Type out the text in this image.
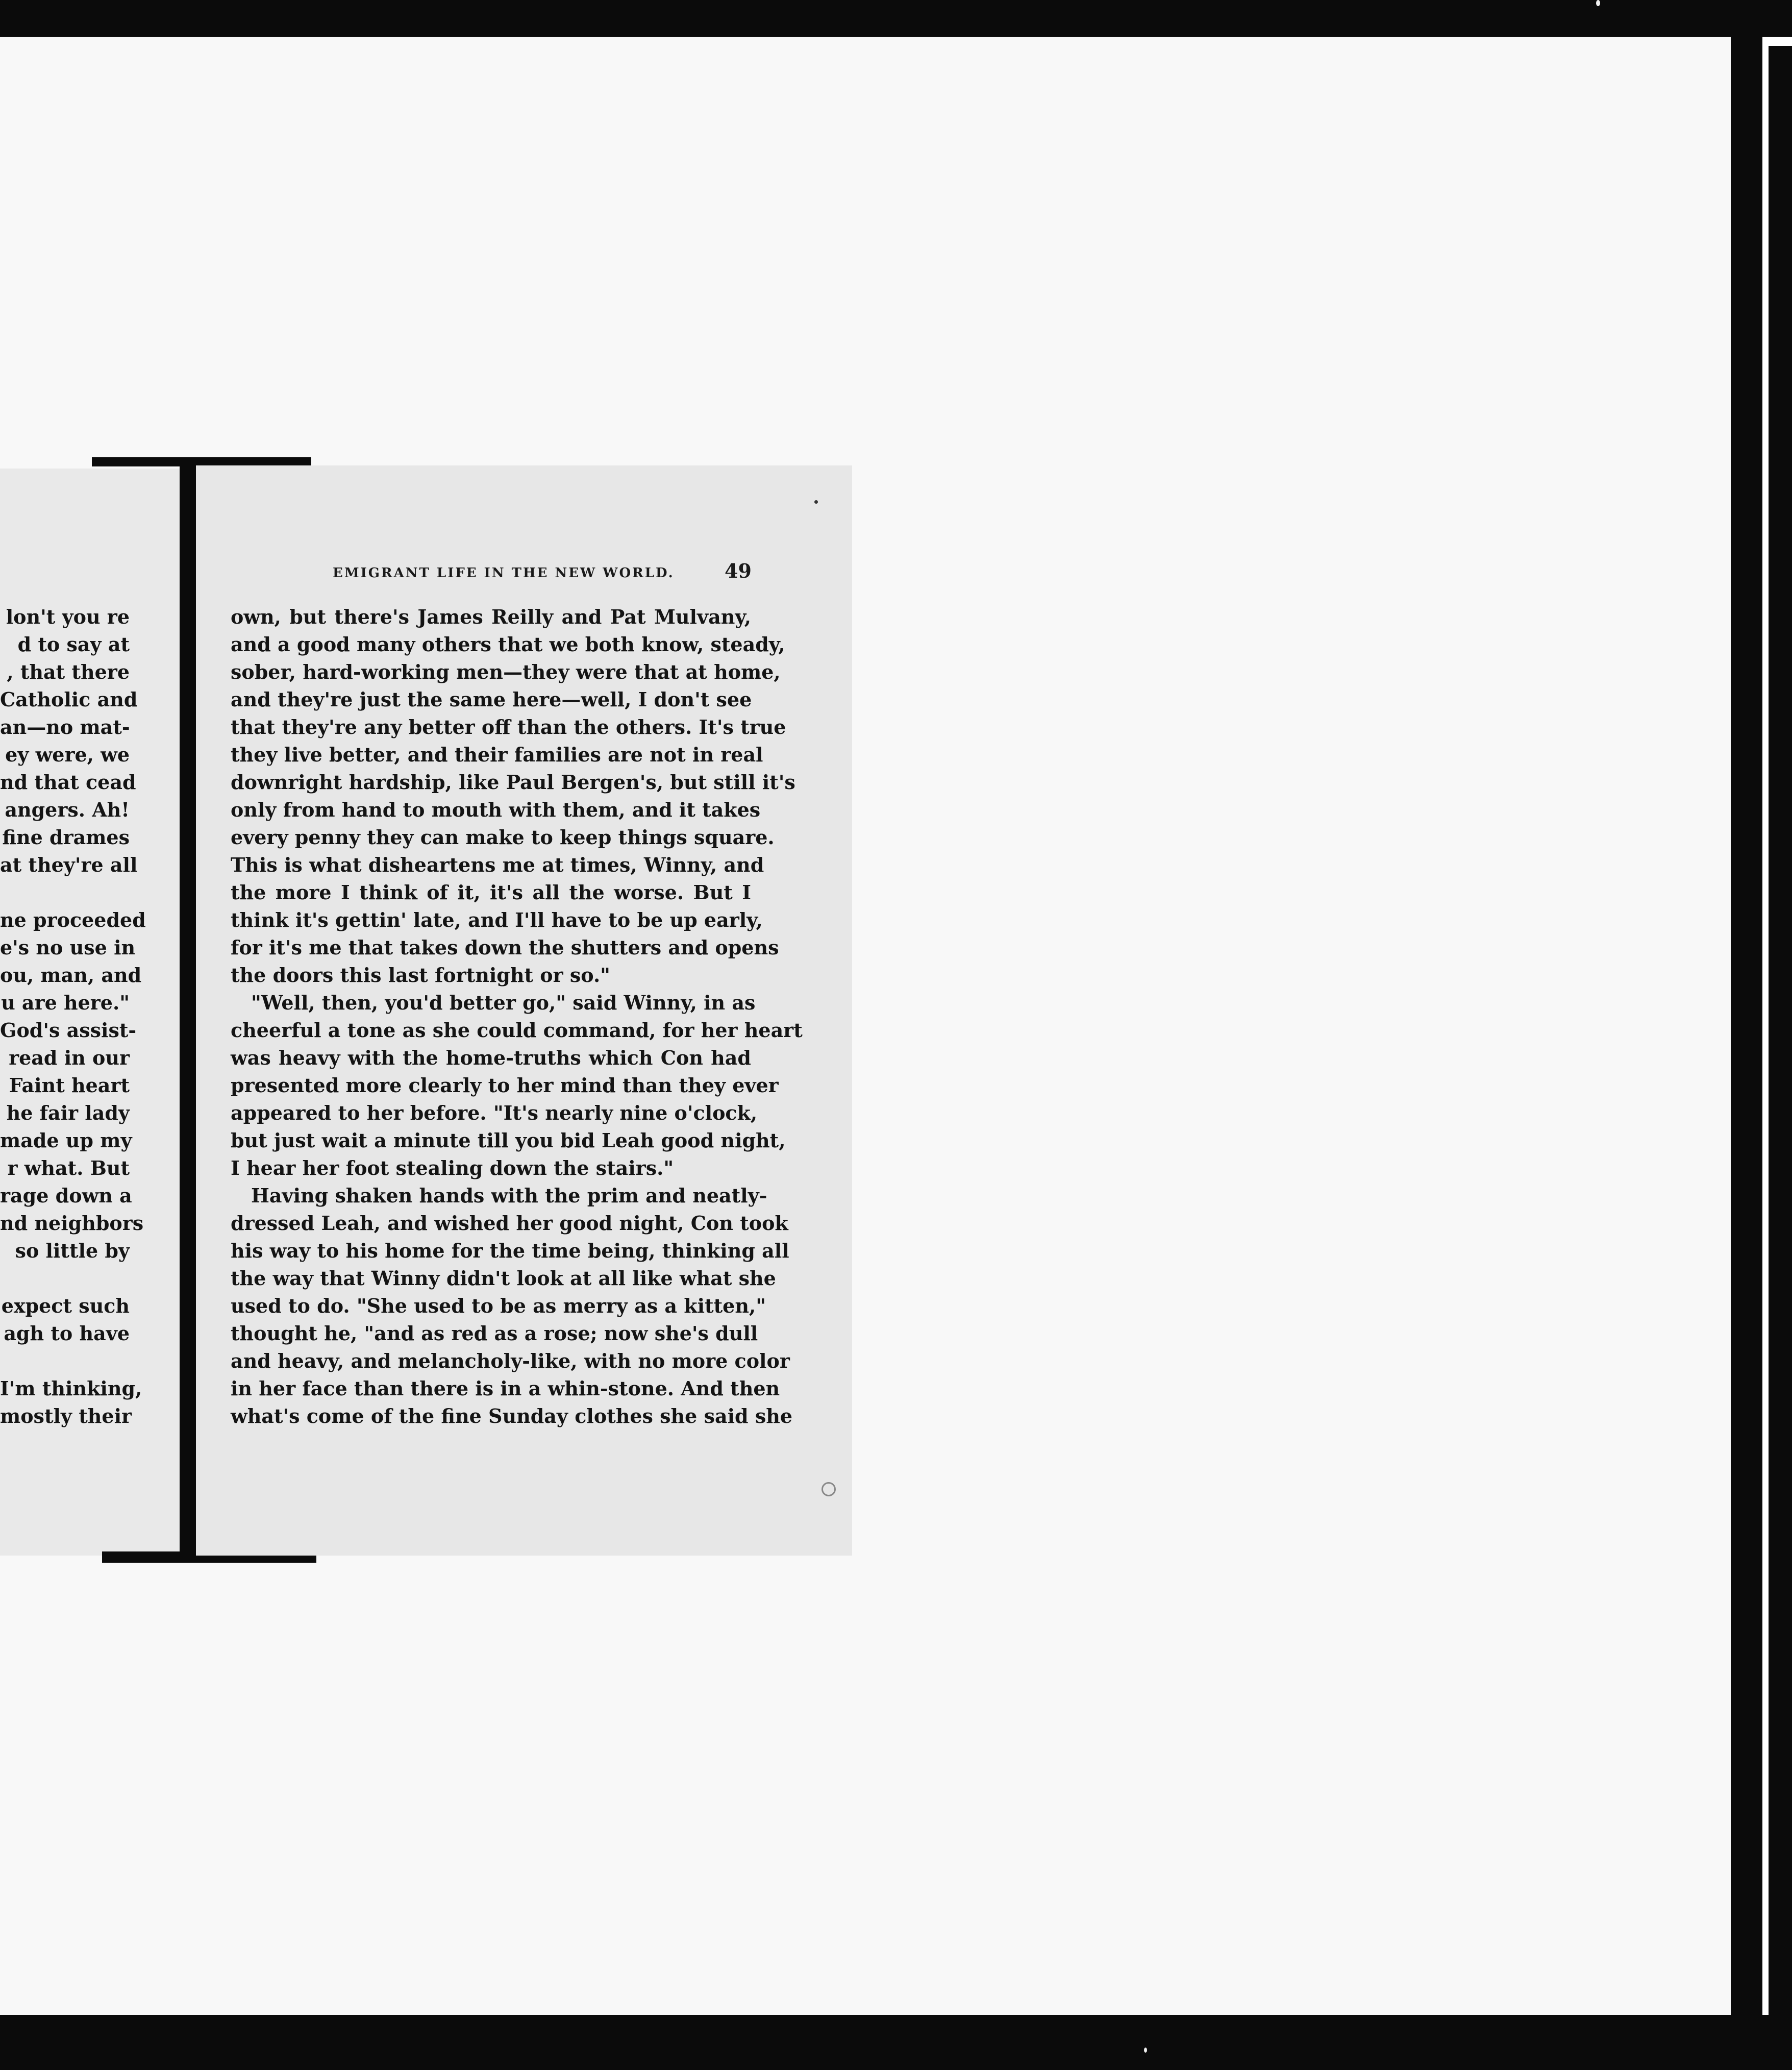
lon't you re
d to say at
, that there
Catholic and
an—no mat-
ey were, we
nd that cead
angers. Ah!
fine drames
at they're all
ne proceeded
e's no use in
ou, man, and
u are here."
God's assist-
read in our
Faint heart
he fair lady
made up my
r what. But
rage down a
nd neighbors
so little by
expect such
agh to have
I'm thinking,
mostly their
EMIGRANT LIFE IN THE NEW WORLD.	49
own, but there's James Reilly and Pat Mulvany,
and a good many others that we both know, steady,
sober, hard-working men—they were that at home,
and they're just the same here—well, I don't see
that they're any better off than the others. It's true
they live better, and their families are not in real
downright hardship, like Paul Bergen's, but still it's
only from hand to mouth with them, and it takes
every penny they can make to keep things square.
This is what disheartens me at times, Winny, and
the more I think of it, it's all the worse. But I
think it's gettin' late, and I'll have to be up early,
for it's me that takes down the shutters and opens
the doors this last fortnight or so."
"Well, then, you'd better go," said Winny, in as
cheerful a tone as she could command, for her heart
was heavy with the home-truths which Con had
presented more clearly to her mind than they ever
appeared to her before. "It's nearly nine o'clock,
but just wait a minute till you bid Leah good night,
I hear her foot stealing down the stairs."
Having shaken hands with the prim and neatly-
dressed Leah, and wished her good night, Con took
his way to his home for the time being, thinking all
the way that Winny didn't look at all like what she
used to do. "She used to be as merry as a kitten,"
thought he, "and as red as a rose; now she's dull
and heavy, and melancholy-like, with no more color
in her face than there is in a whin-stone. And then
what's come of the fine Sunday clothes she said she
